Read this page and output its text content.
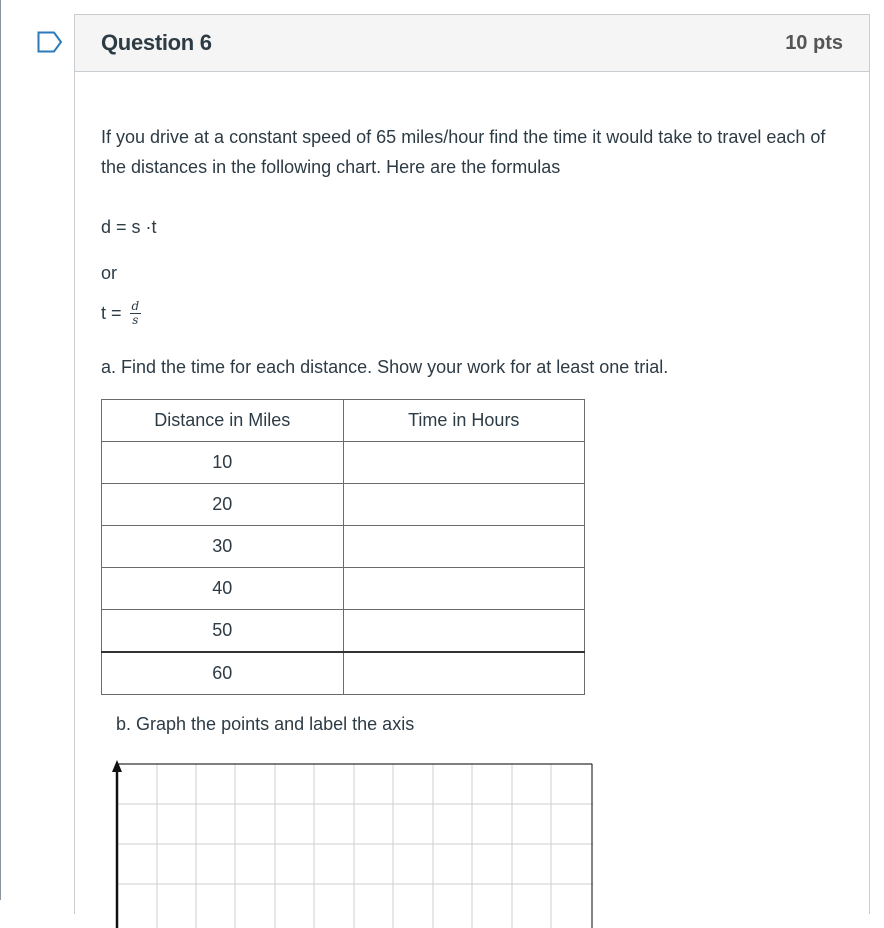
Question 6	10 pts

If you drive at a constant speed of 65 miles/hour find the time it would take to travel each of the distances in the following chart. Here are the formulas

d = s ·t

or

$t = \frac{d}{s}$

a. Find the time for each distance. Show your work for at least one trial.

Distance in Miles	Time in Hours
10	
20	
30	
40	
50	
60	

b. Graph the points and label the axis
